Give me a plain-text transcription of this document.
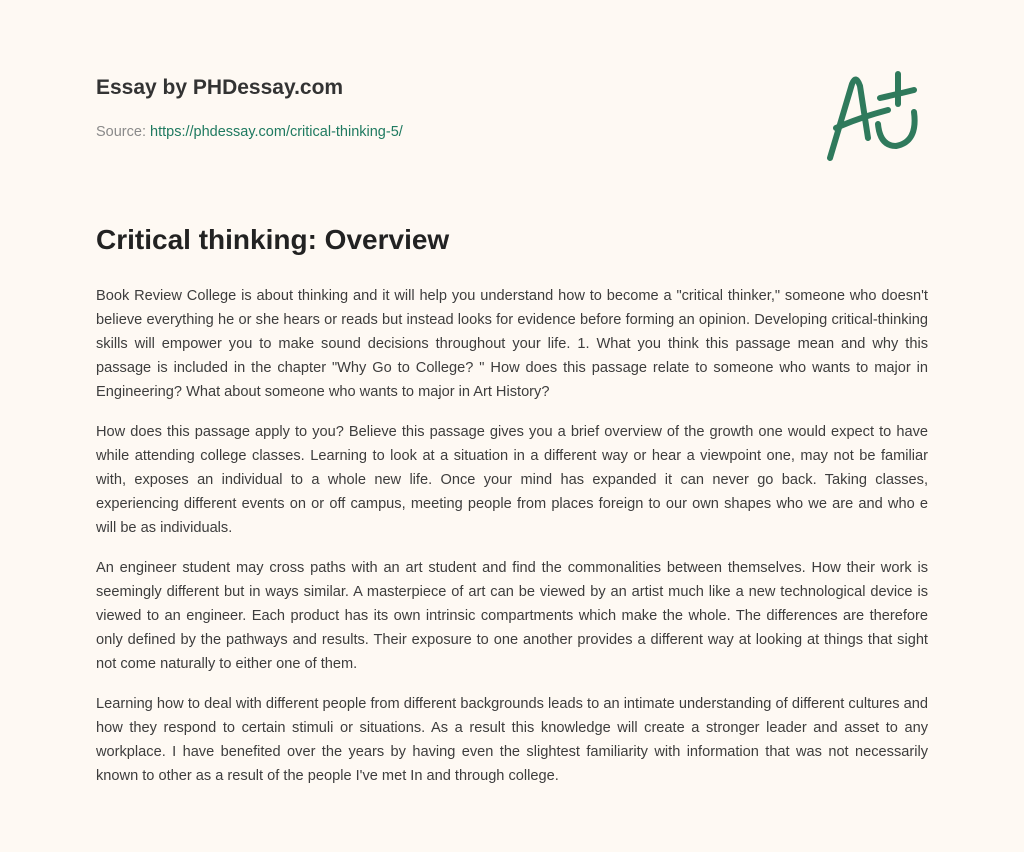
Essay by PHDessay.com
Source: https://phdessay.com/critical-thinking-5/
Critical thinking: Overview

Book Review College is about thinking and it will help you understand how to become a "critical thinker," someone who doesn't believe everything he or she hears or reads but instead looks for evidence before forming an opinion. Developing critical-thinking skills will empower you to make sound decisions throughout your life. 1. What you think this passage mean and why this passage is included in the chapter "Why Go to College? " How does this passage relate to someone who wants to major in Engineering? What about someone who wants to major in Art History?

How does this passage apply to you? Believe this passage gives you a brief overview of the growth one would expect to have while attending college classes. Learning to look at a situation in a different way or hear a viewpoint one, may not be familiar with, exposes an individual to a whole new life. Once your mind has expanded it can never go back. Taking classes, experiencing different events on or off campus, meeting people from places foreign to our own shapes who we are and who e will be as individuals.

An engineer student may cross paths with an art student and find the commonalities between themselves. How their work is seemingly different but in ways similar. A masterpiece of art can be viewed by an artist much like a new technological device is viewed to an engineer. Each product has its own intrinsic compartments which make the whole. The differences are therefore only defined by the pathways and results. Their exposure to one another provides a different way at looking at things that sight not come naturally to either one of them.

Learning how to deal with different people from different backgrounds leads to an intimate understanding of different cultures and how they respond to certain stimuli or situations. As a result this knowledge will create a stronger leader and asset to any workplace. I have benefited over the years by having even the slightest familiarity with information that was not necessarily known to other as a result of the people I've met In and through college.
